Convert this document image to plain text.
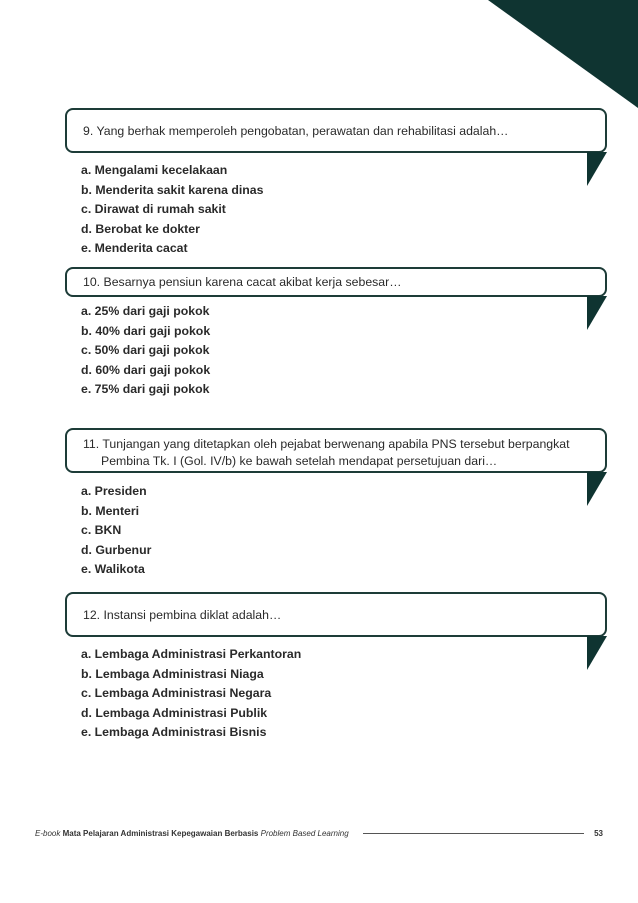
9. Yang berhak memperoleh pengobatan, perawatan dan rehabilitasi adalah…
a. Mengalami kecelakaan
b. Menderita sakit karena dinas
c. Dirawat di rumah sakit
d. Berobat ke dokter
e. Menderita cacat
10. Besarnya pensiun karena cacat akibat kerja sebesar…
a. 25% dari gaji pokok
b. 40% dari gaji pokok
c. 50% dari gaji pokok
d. 60% dari gaji pokok
e. 75% dari gaji pokok
11. Tunjangan yang ditetapkan oleh pejabat berwenang apabila PNS tersebut berpangkat
Pembina Tk. I (Gol. IV/b) ke bawah setelah mendapat persetujuan dari…
a. Presiden
b. Menteri
c. BKN
d. Gurbenur
e. Walikota
12. Instansi pembina diklat adalah…
a. Lembaga Administrasi Perkantoran
b. Lembaga Administrasi Niaga
c. Lembaga Administrasi Negara
d. Lembaga Administrasi Publik
e. Lembaga Administrasi Bisnis
E-book
Mata Pelajaran Administrasi Kepegawaian Berbasis
Problem Based Learning	53
